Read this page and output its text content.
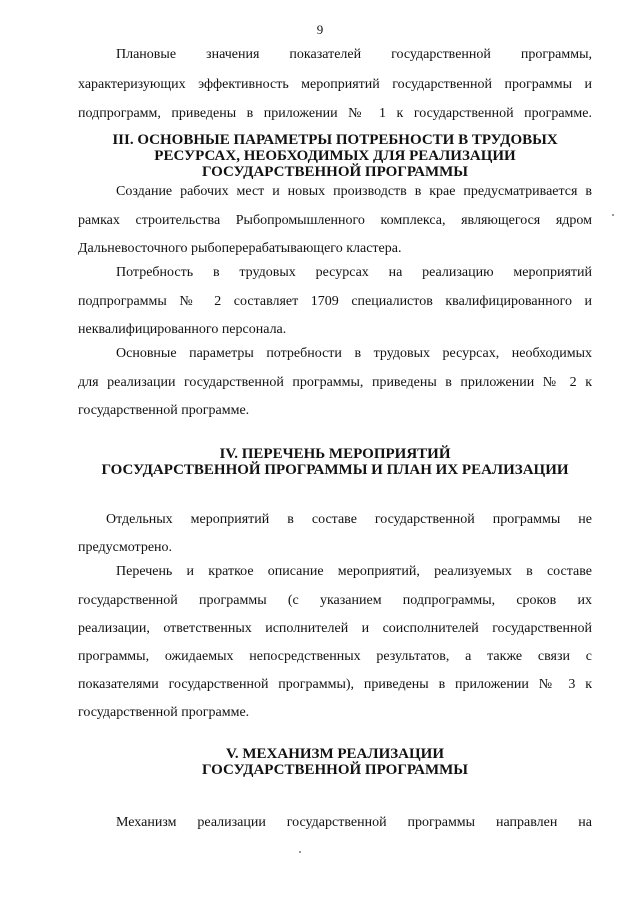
9
Плановые значения показателей государственной программы,
характеризующих эффективность мероприятий государственной программы и
подпрограмм, приведены в приложении № 1 к государственной программе.
III. ОСНОВНЫЕ ПАРАМЕТРЫ ПОТРЕБНОСТИ В ТРУДОВЫХ
РЕСУРСАХ, НЕОБХОДИМЫХ ДЛЯ РЕАЛИЗАЦИИ
ГОСУДАРСТВЕННОЙ ПРОГРАММЫ
Создание рабочих мест и новых производств в крае предусматривается в
рамках строительства Рыбопромышленного комплекса, являющегося ядром
Дальневосточного рыбоперерабатывающего кластера.
Потребность в трудовых ресурсах на реализацию мероприятий
подпрограммы № 2 составляет 1709 специалистов квалифицированного и
неквалифицированного персонала.
Основные параметры потребности в трудовых ресурсах, необходимых
для реализации государственной программы, приведены в приложении № 2 к
государственной программе.
IV. ПЕРЕЧЕНЬ МЕРОПРИЯТИЙ
ГОСУДАРСТВЕННОЙ ПРОГРАММЫ И ПЛАН ИХ РЕАЛИЗАЦИИ
Отдельных мероприятий в составе государственной программы не
предусмотрено.
Перечень и краткое описание мероприятий, реализуемых в составе
государственной программы (с указанием подпрограммы, сроков их
реализации, ответственных исполнителей и соисполнителей государственной
программы, ожидаемых непосредственных результатов, а также связи с
показателями государственной программы), приведены в приложении № 3 к
государственной программе.
V. МЕХАНИЗМ РЕАЛИЗАЦИИ
ГОСУДАРСТВЕННОЙ ПРОГРАММЫ
Механизм реализации государственной программы направлен на
